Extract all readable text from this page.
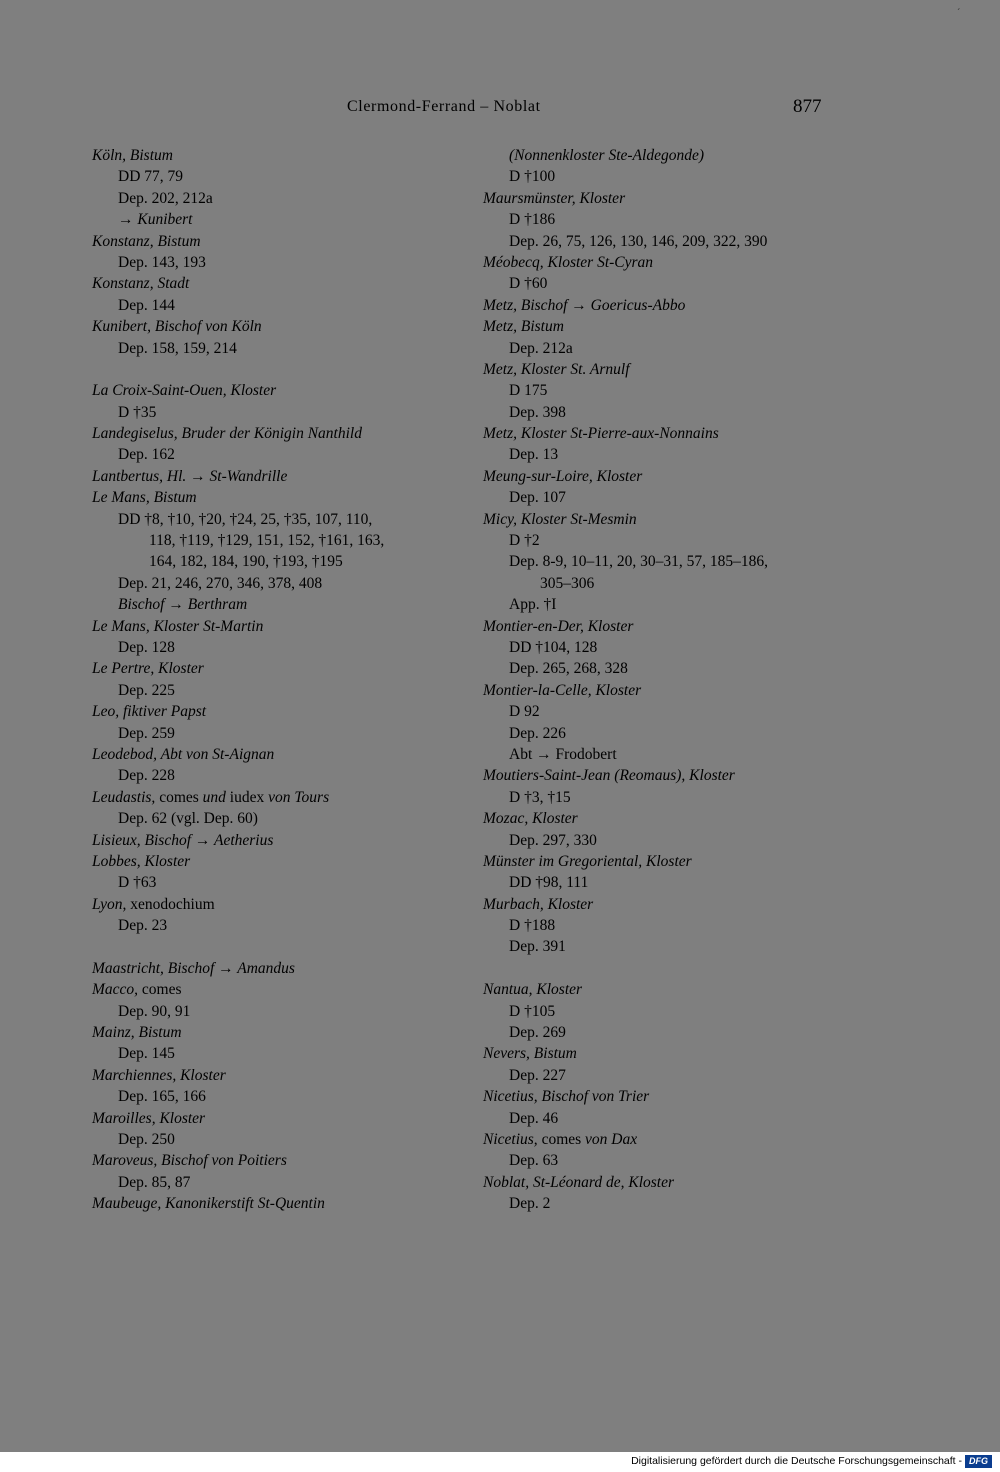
´
Clermond-Ferrand – Noblat	877
Köln, Bistum
DD 77, 79
Dep. 202, 212a
→ Kunibert
Konstanz, Bistum
Dep. 143, 193
Konstanz, Stadt
Dep. 144
Kunibert, Bischof von Köln
Dep. 158, 159, 214
La Croix-Saint-Ouen, Kloster
D †35
Landegiselus, Bruder der Königin Nanthild
Dep. 162
Lantbertus, Hl. → St-Wandrille
Le Mans, Bistum
DD †8, †10, †20, †24, 25, †35, 107, 110,
118, †119, †129, 151, 152, †161, 163,
164, 182, 184, 190, †193, †195
Dep. 21, 246, 270, 346, 378, 408
Bischof → Berthram
Le Mans, Kloster St-Martin
Dep. 128
Le Pertre, Kloster
Dep. 225
Leo, fiktiver Papst
Dep. 259
Leodebod, Abt von St-Aignan
Dep. 228
Leudastis, comes und iudex von Tours
Dep. 62 (vgl. Dep. 60)
Lisieux, Bischof → Aetherius
Lobbes, Kloster
D †63
Lyon, xenodochium
Dep. 23
Maastricht, Bischof → Amandus
Macco, comes
Dep. 90, 91
Mainz, Bistum
Dep. 145
Marchiennes, Kloster
Dep. 165, 166
Maroilles, Kloster
Dep. 250
Maroveus, Bischof von Poitiers
Dep. 85, 87
Maubeuge, Kanonikerstift St-Quentin
(Nonnenkloster Ste-Aldegonde)
D †100
Maursmünster, Kloster
D †186
Dep. 26, 75, 126, 130, 146, 209, 322, 390
Méobecq, Kloster St-Cyran
D †60
Metz, Bischof → Goericus-Abbo
Metz, Bistum
Dep. 212a
Metz, Kloster St. Arnulf
D 175
Dep. 398
Metz, Kloster St-Pierre-aux-Nonnains
Dep. 13
Meung-sur-Loire, Kloster
Dep. 107
Micy, Kloster St-Mesmin
D †2
Dep. 8-9, 10–11, 20, 30–31, 57, 185–186,
305–306
App. †I
Montier-en-Der, Kloster
DD †104, 128
Dep. 265, 268, 328
Montier-la-Celle, Kloster
D 92
Dep. 226
Abt → Frodobert
Moutiers-Saint-Jean (Reomaus), Kloster
D †3, †15
Mozac, Kloster
Dep. 297, 330
Münster im Gregoriental, Kloster
DD †98, 111
Murbach, Kloster
D †188
Dep. 391
Nantua, Kloster
D †105
Dep. 269
Nevers, Bistum
Dep. 227
Nicetius, Bischof von Trier
Dep. 46
Nicetius, comes von Dax
Dep. 63
Noblat, St-Léonard de, Kloster
Dep. 2
Digitalisierung gefördert durch die Deutsche Forschungsgemeinschaft - DFG
